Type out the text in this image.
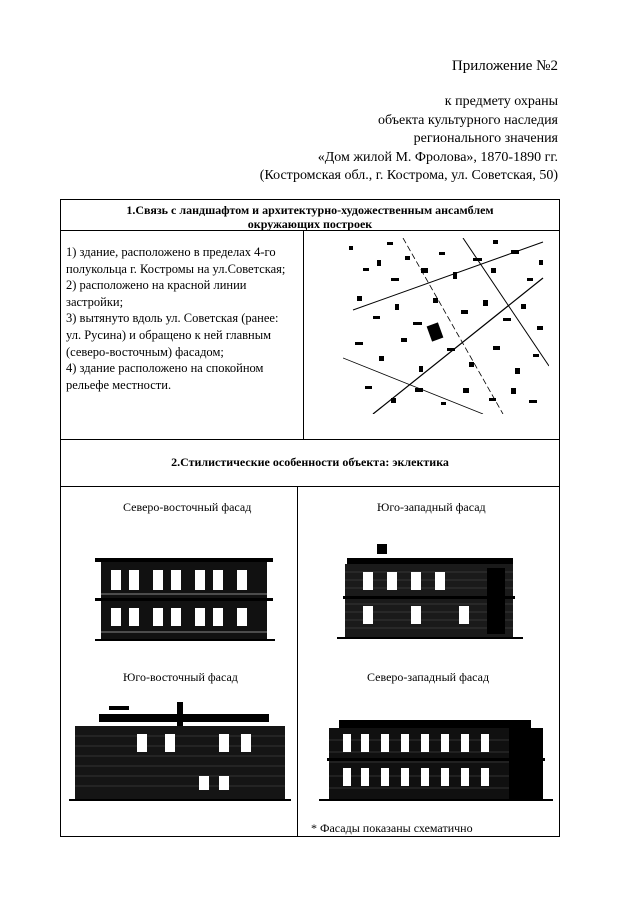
Приложение №2
к предмету охраны
объекта культурного наследия
регионального значения
«Дом жилой М. Фролова», 1870-1890 гг.
(Костромская обл., г. Кострома, ул. Советская, 50)
1.Связь с ландшафтом и архитектурно-художественным ансамблем
окружающих построек
1) здание, расположено в пределах 4-го
полукольца г. Костромы на ул.Советская;
2) расположено на красной линии
застройки;
3) вытянуто вдоль ул. Советская (ранее:
ул. Русина) и обращено к ней главным
(северо-восточным) фасадом;
4) здание расположено на спокойном
рельефе местности.
2.Стилистические особенности объекта: эклектика
Северо-восточный фасад	Юго-западный фасад
Юго-восточный фасад	Северо-западный фасад
* Фасады показаны схематично
